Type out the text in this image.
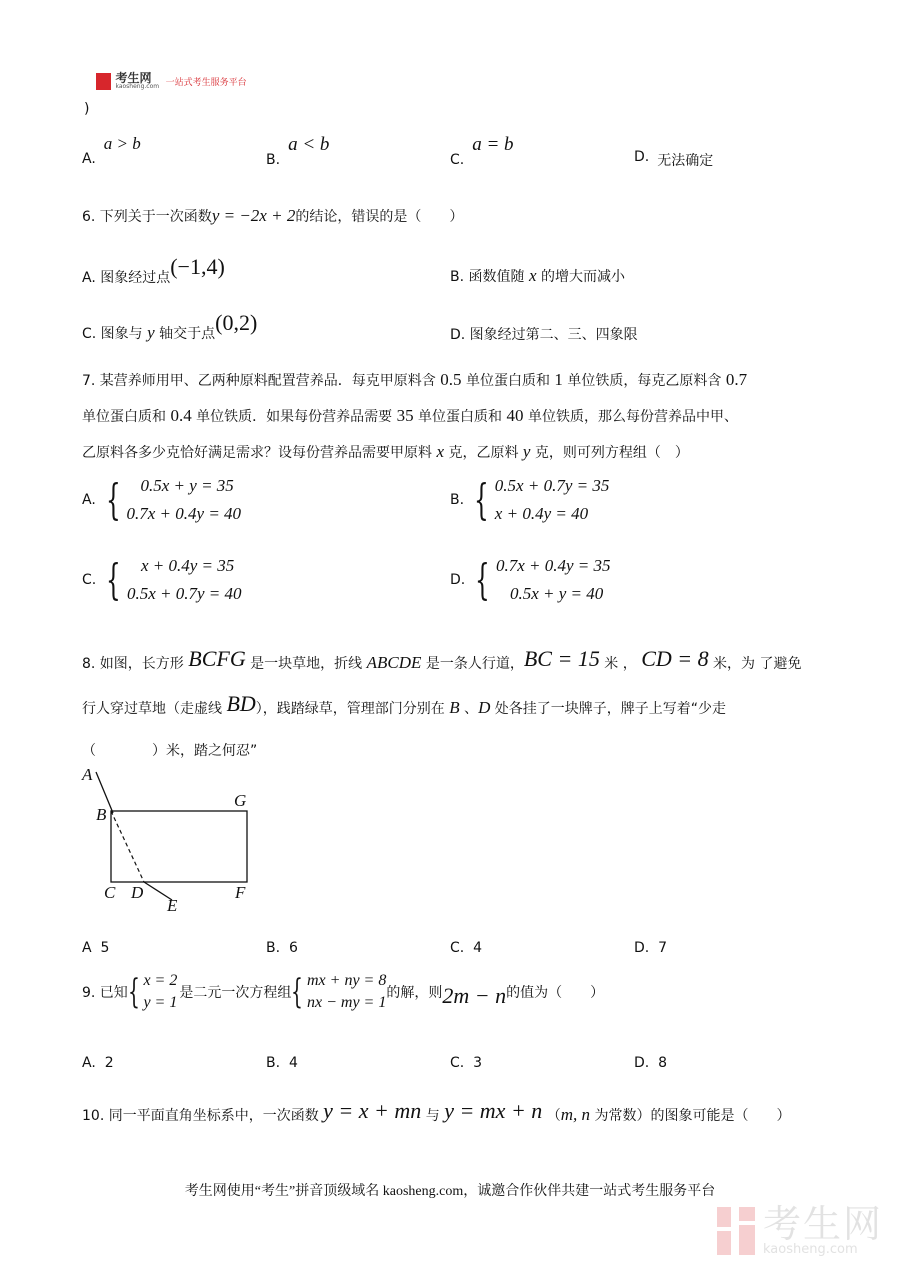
考生网
kaosheng.com 一站式考生服务平台
)
A.a > b
B.a < b
C.a = b
D. 无法确定
6. 下列关于一次函数y = −2x + 2的结论，错误的是（　　）
A. 图象经过点(−1,4)	B. 函数值随 x 的增大而减小
C. 图象与 y 轴交于点(0,2)	D. 图象经过第二、三、四象限
7. 某营养师用甲、乙两种原料配置营养品．每克甲原料含 0.5 单位蛋白质和 1 单位铁质，每克乙原料含 0.7
单位蛋白质和 0.4 单位铁质．如果每份营养品需要 35 单位蛋白质和 40 单位铁质，那么每份营养品中甲、
乙原料各多少克恰好满足需求？设每份营养品需要甲原料 x 克，乙原料 y 克，则可列方程组（　）
A. {	0.5x + y = 35
0.7x + 0.4y = 40
B. { 0.5x + 0.7y = 35
x + 0.4y = 40
C. {	x + 0.4y = 35
0.5x + 0.7y = 40
D. { 0.7x + 0.4y = 35
0.5x + y = 40
8. 如图，长方形 BCFG 是一块草地，折线 ABCDE 是一条人行道，BC = 15 米 ， CD = 8 米，为 了避免
行人穿过草地（走虚线 BD），践踏绿草，管理部门分别在 B 、D 处各挂了一块牌子，牌子上写着“少走
（　　　　）米，踏之何忍”
A
B
G
C D
E
F
A 5	B. 6	C. 4	D. 7
9. 已知 { x = 2
y = 1
是二元一次方程组 { mx + ny = 8
nx − my = 1
的解，则 2m − n 的值为（　　）
A. 2	B. 4	C. 3	D. 8
10. 同一平面直角坐标系中，一次函数 y = x + mn 与 y = mx + n （m, n 为常数）的图象可能是（　　）
考生网使用“考生”拼音顶级域名 kaosheng.com，诚邀合作伙伴共建一站式考生服务平台
考生网
kaosheng.com
